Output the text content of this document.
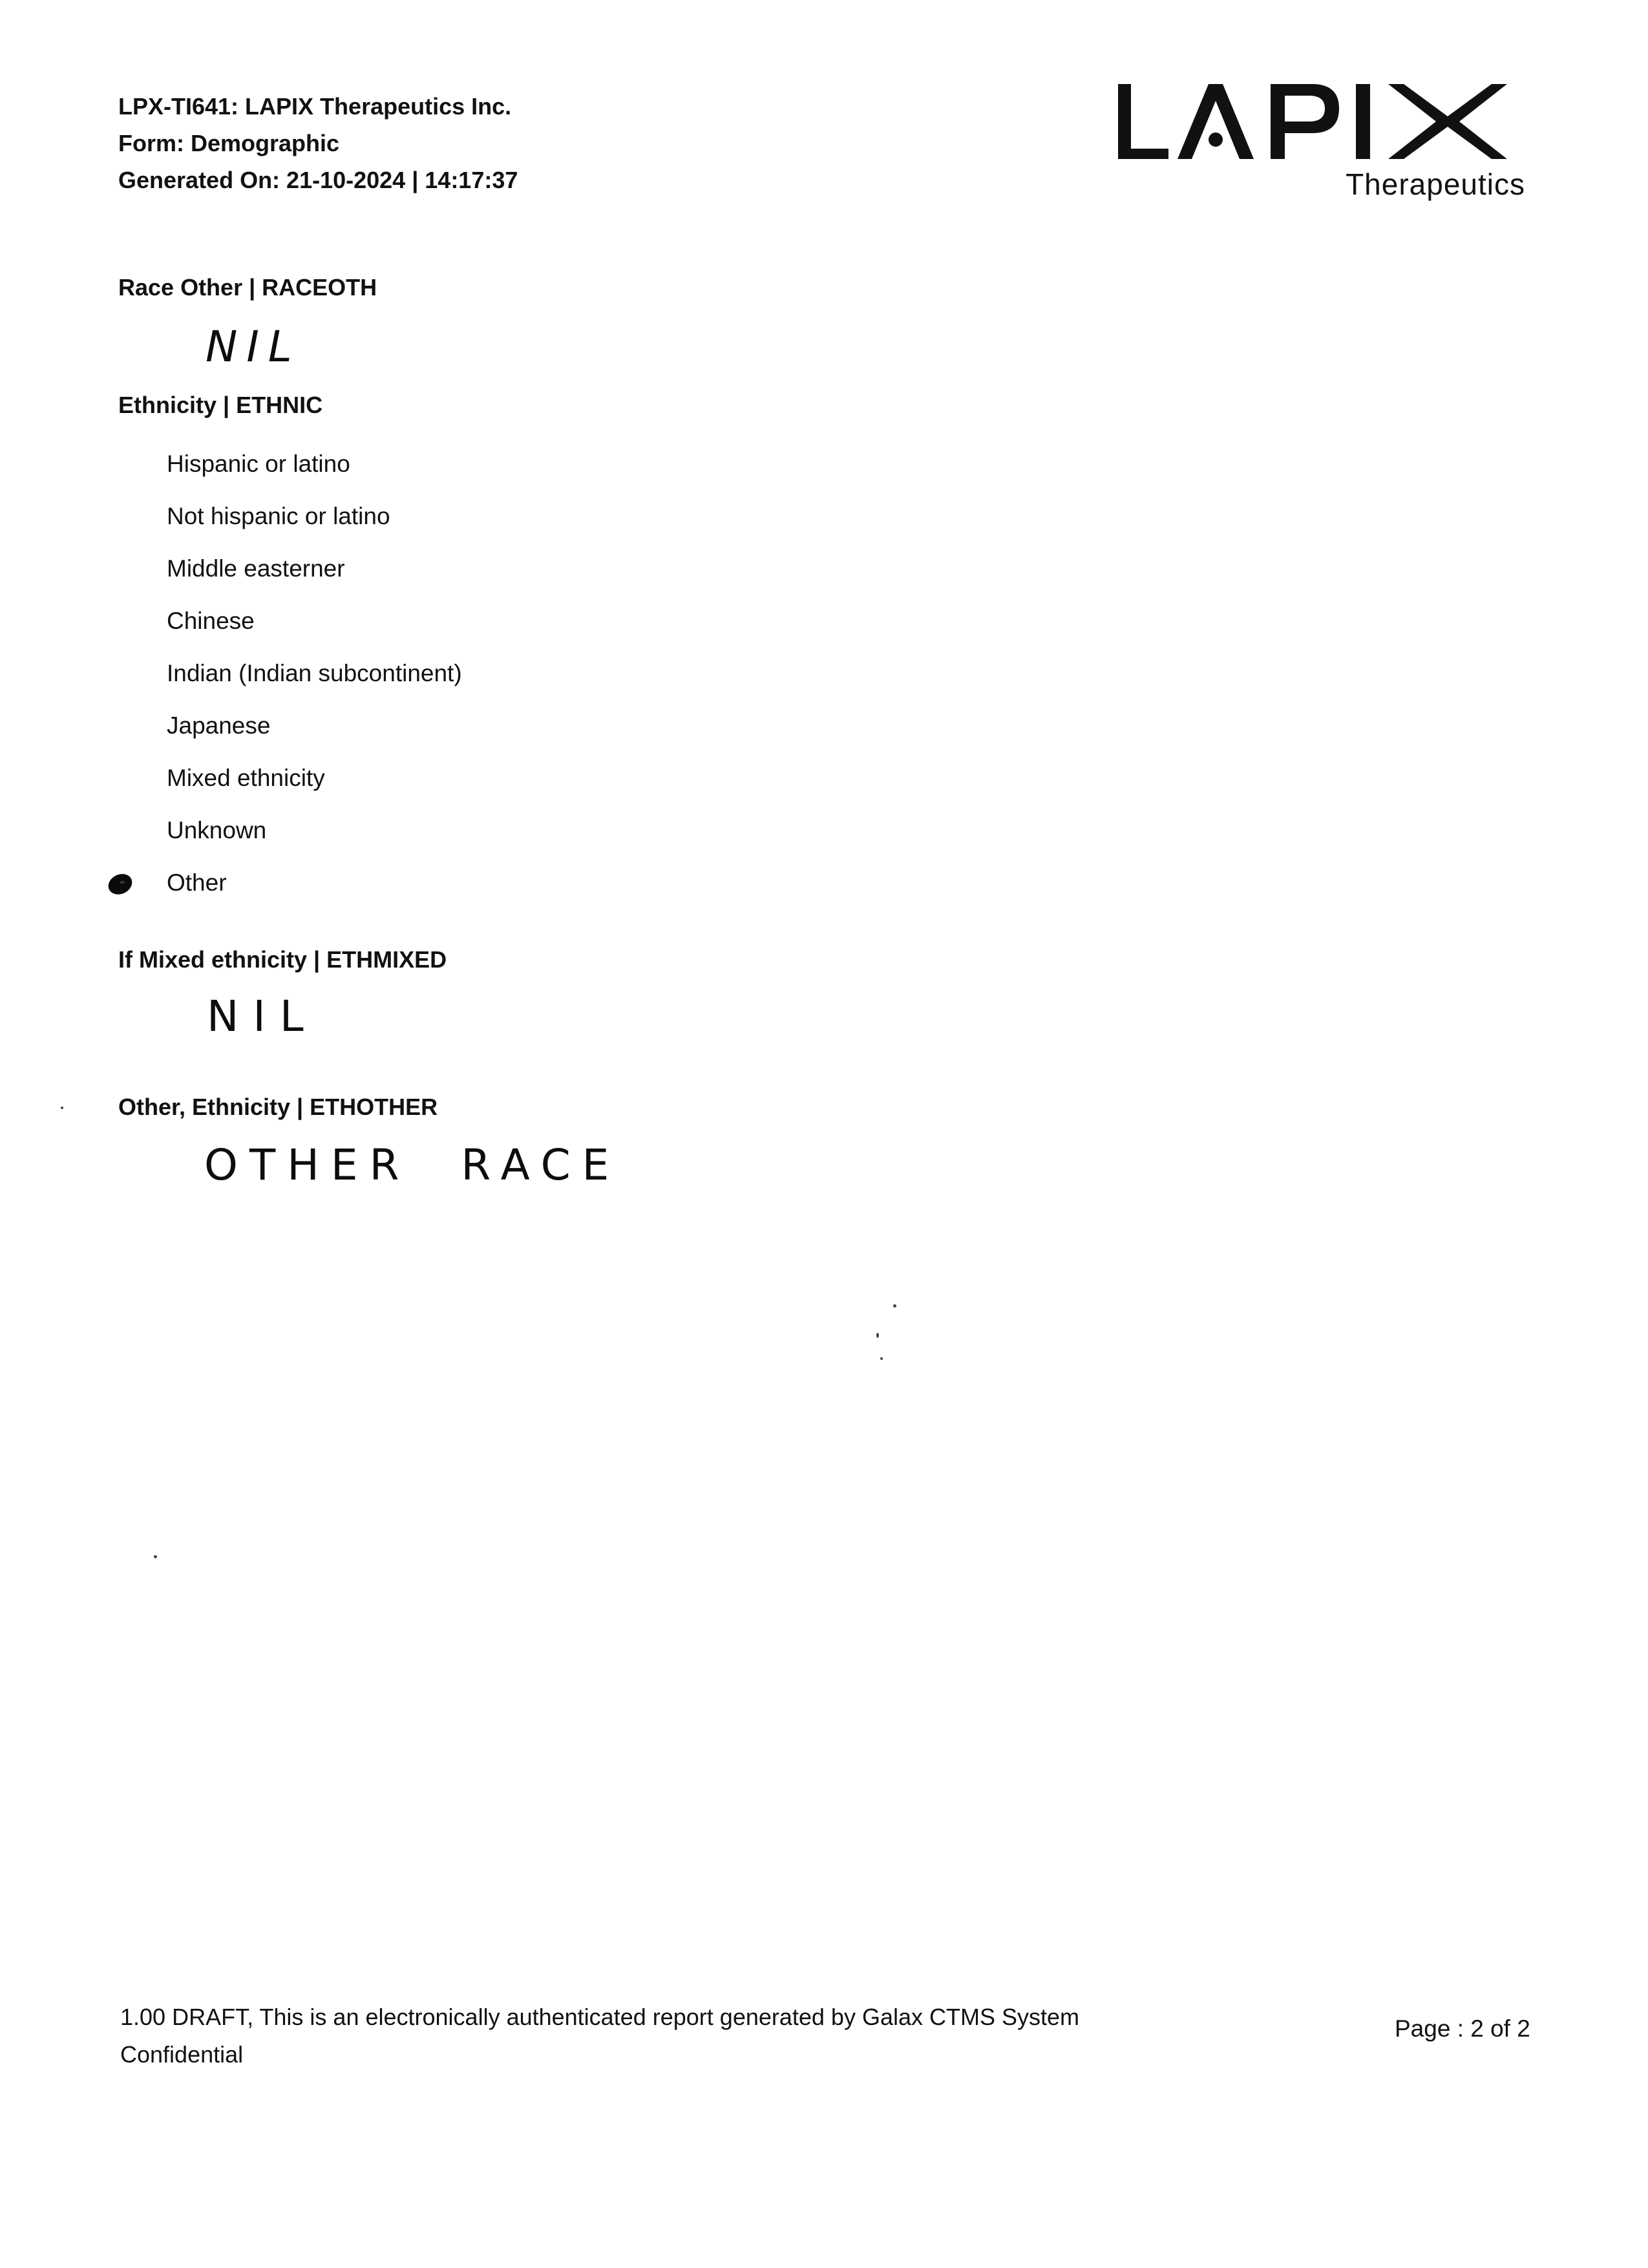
LPX-TI641: LAPIX Therapeutics Inc.
Form: Demographic
Generated On: 21-10-2024 | 14:17:37
LAPIX
Therapeutics
Race Other | RACEOTH
NIL
Ethnicity | ETHNIC
Hispanic or latino
Not hispanic or latino
Middle easterner
Chinese
Indian (Indian subcontinent)
Japanese
Mixed ethnicity
Unknown
Other
If Mixed ethnicity | ETHMIXED
NIL
Other, Ethnicity | ETHOTHER
OTHER  RACE
1.00 DRAFT, This is an electronically authenticated report generated by Galax CTMS System
Confidential
Page : 2 of 2
